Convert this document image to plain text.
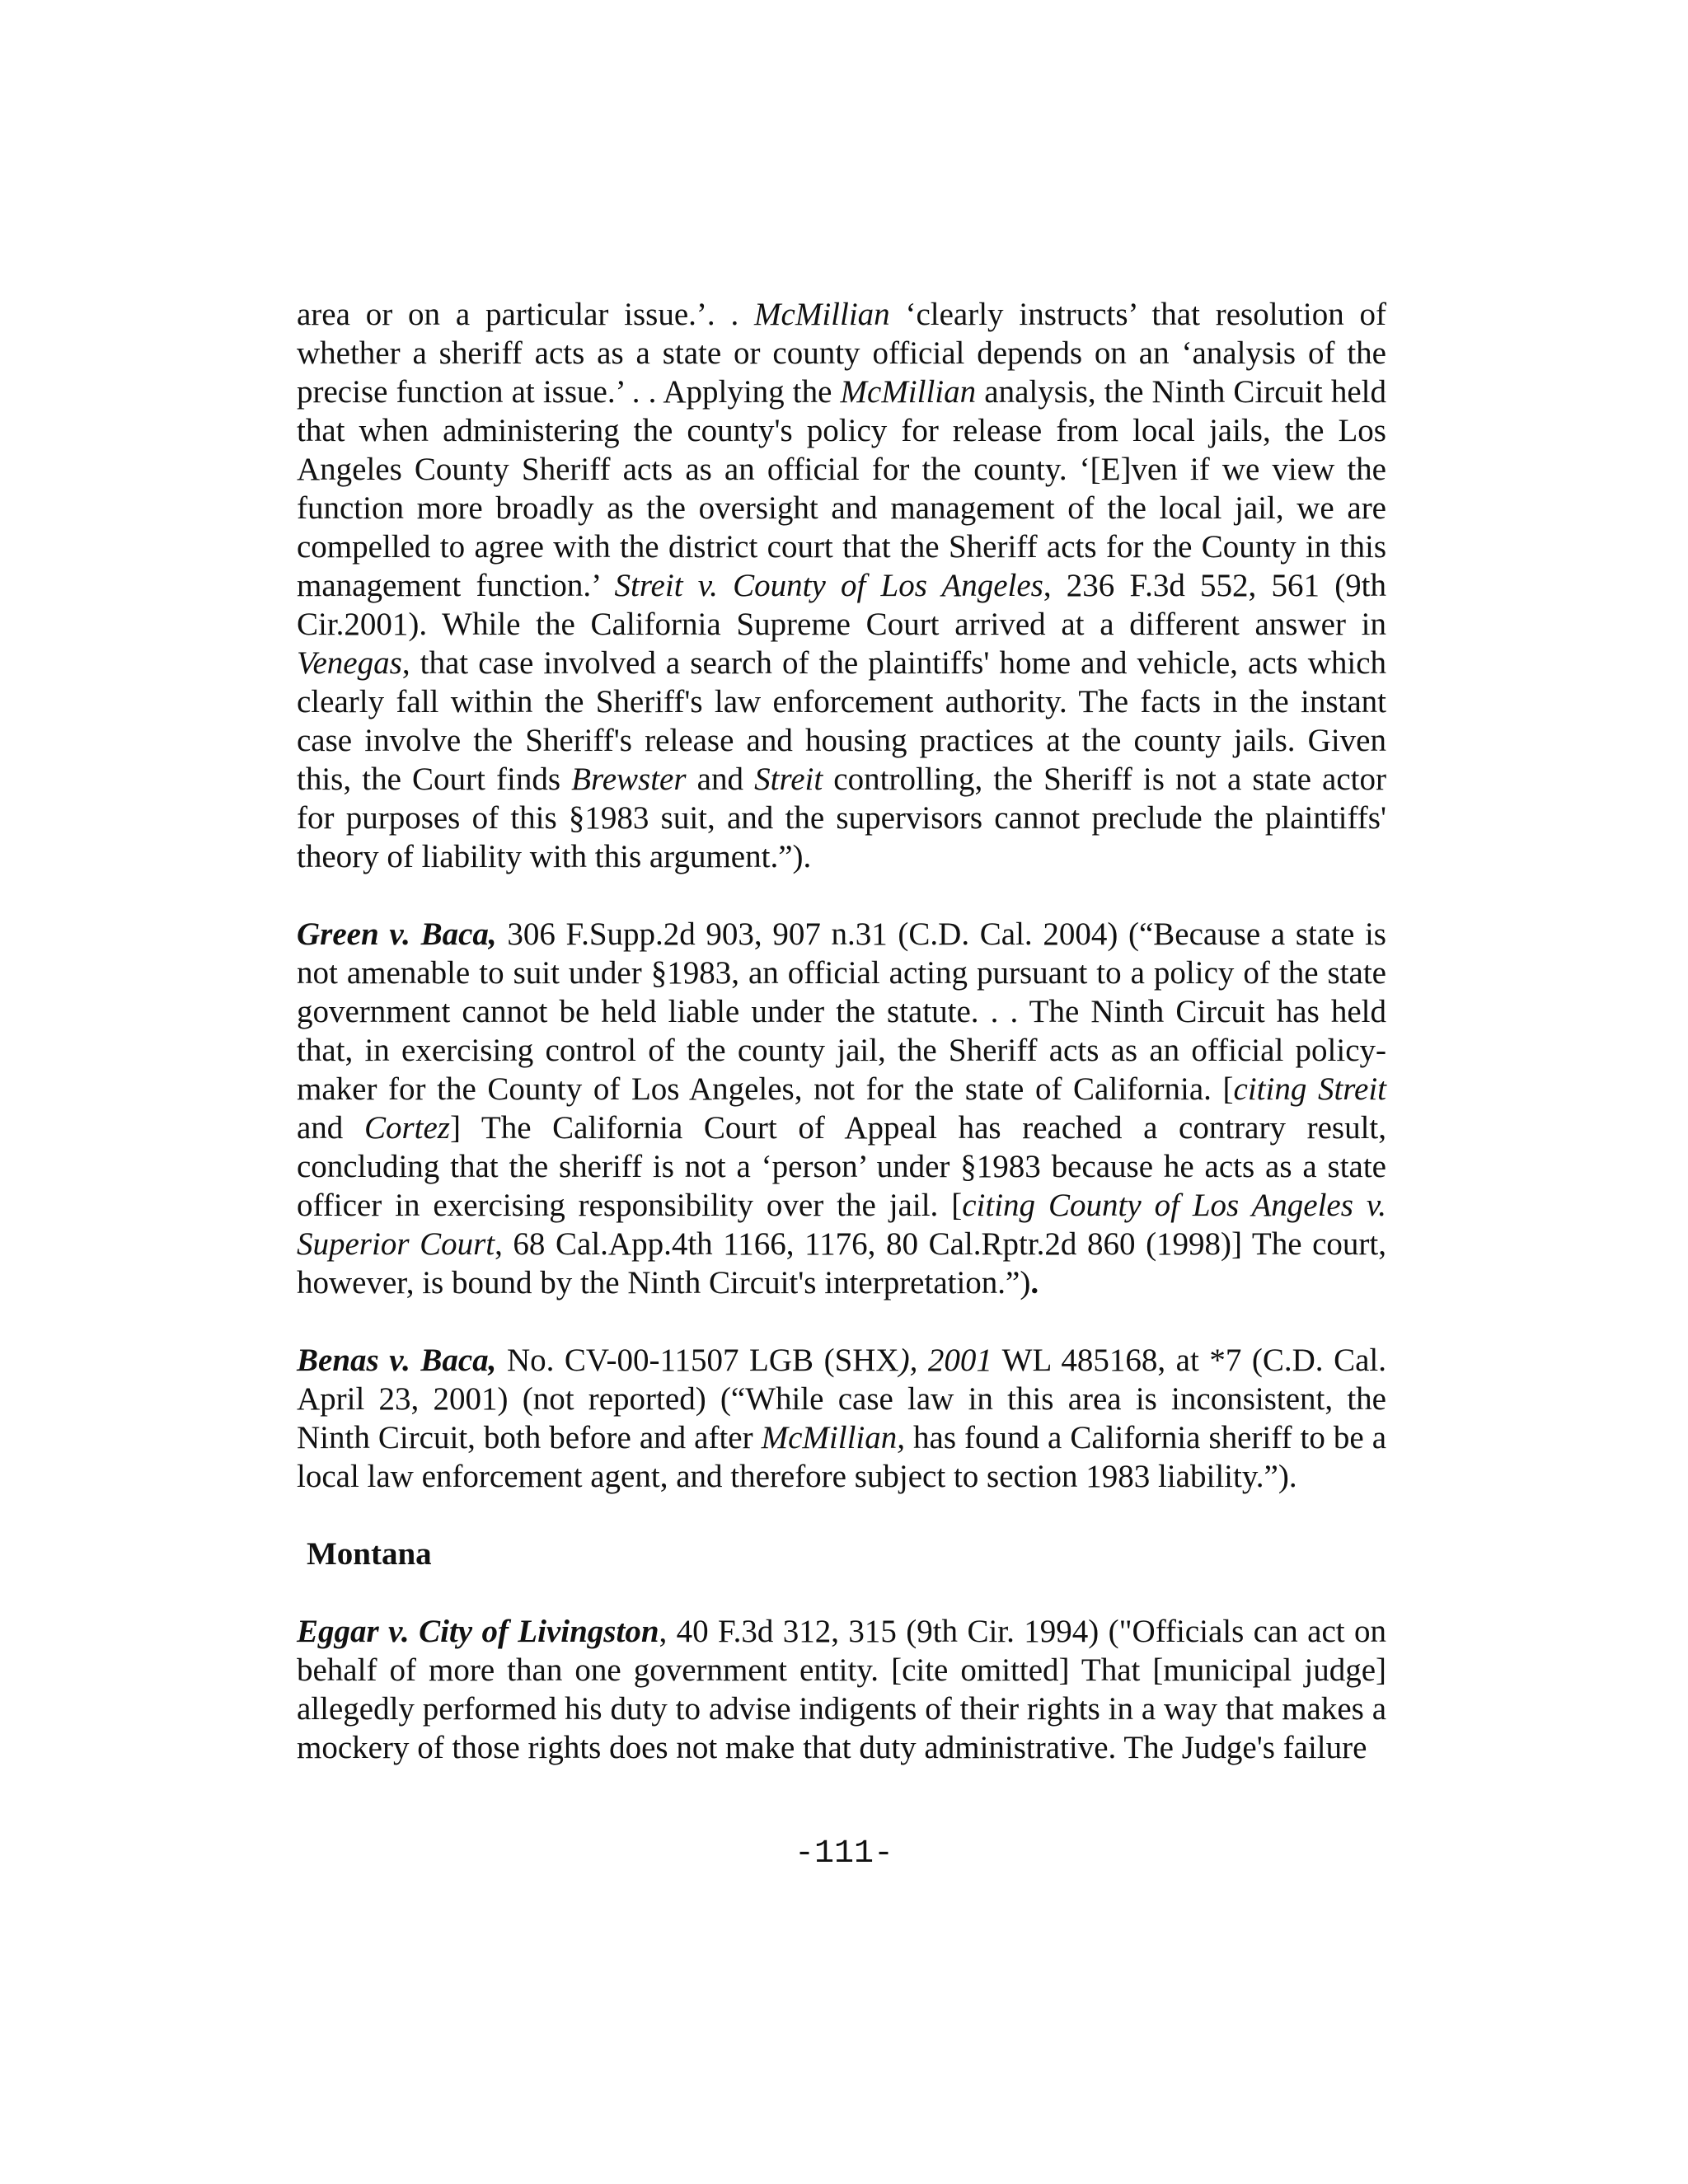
area or on a particular issue.’. . McMillian ‘clearly instructs’ that resolution of whether a sheriff acts as a state or county official depends on an ‘analysis of the precise function at issue.’ . . Applying the McMillian analysis, the Ninth Circuit held that when administering the county's policy for release from local jails, the Los Angeles County Sheriff acts as an official for the county. ‘[E]ven if we view the function more broadly as the oversight and management of the local jail, we are compelled to agree with the district court that the Sheriff acts for the County in this management function.’ Streit v. County of Los Angeles, 236 F.3d 552, 561 (9th Cir.2001). While the California Supreme Court arrived at a different answer in Venegas, that case involved a search of the plaintiffs' home and vehicle, acts which clearly fall within the Sheriff's law enforcement authority. The facts in the instant case involve the Sheriff's release and housing practices at the county jails. Given this, the Court finds Brewster and Streit controlling, the Sheriff is not a state actor for purposes of this §1983 suit, and the supervisors cannot preclude the plaintiffs' theory of liability with this argument.”).

Green v. Baca, 306 F.Supp.2d 903, 907 n.31 (C.D. Cal. 2004) (“Because a state is not amenable to suit under §1983, an official acting pursuant to a policy of the state government cannot be held liable under the statute. . . The Ninth Circuit has held that, in exercising control of the county jail, the Sheriff acts as an official policy-maker for the County of Los Angeles, not for the state of California. [citing Streit and Cortez] The California Court of Appeal has reached a contrary result, concluding that the sheriff is not a ‘person’ under §1983 because he acts as a state officer in exercising responsibility over the jail. [citing County of Los Angeles v. Superior Court, 68 Cal.App.4th 1166, 1176, 80 Cal.Rptr.2d 860 (1998)] The court, however, is bound by the Ninth Circuit's interpretation.”).

Benas v. Baca, No. CV-00-11507 LGB (SHX), 2001 WL 485168, at *7 (C.D. Cal. April 23, 2001) (not reported) (“While case law in this area is inconsistent, the Ninth Circuit, both before and after McMillian, has found a California sheriff to be a local law enforcement agent, and therefore subject to section 1983 liability.”).

Montana

Eggar v. City of Livingston, 40 F.3d 312, 315 (9th Cir. 1994) ("Officials can act on behalf of more than one government entity. [cite omitted] That [municipal judge] allegedly performed his duty to advise indigents of their rights in a way that makes a mockery of those rights does not make that duty administrative. The Judge's failure

-111-
